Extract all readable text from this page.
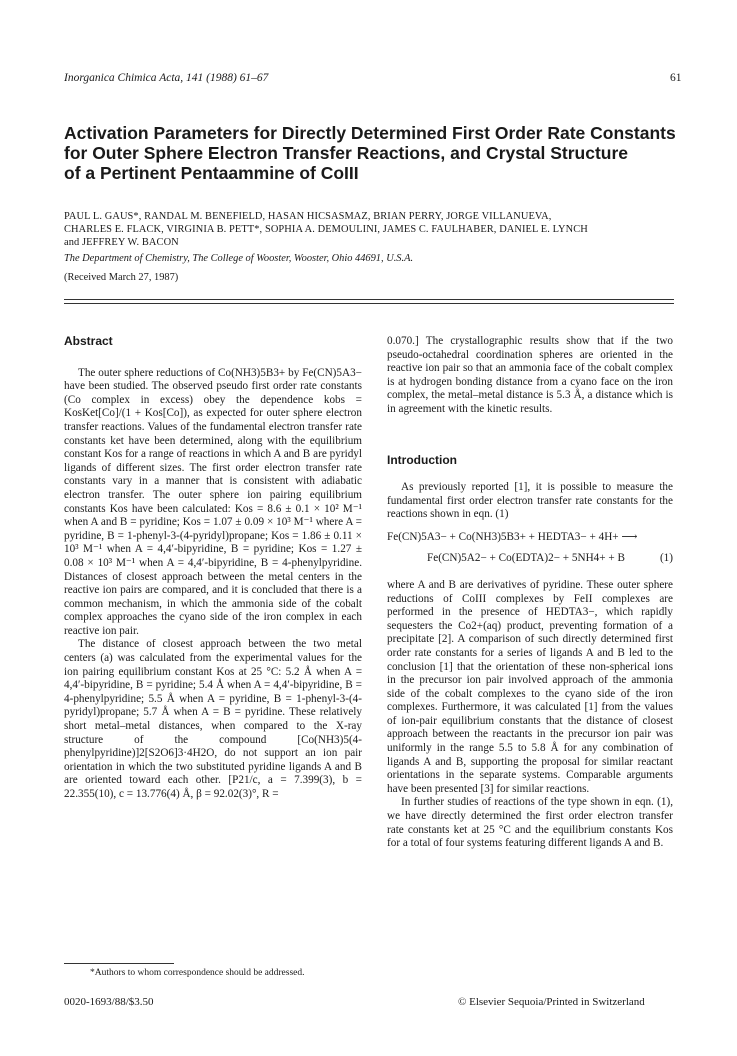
Inorganica Chimica Acta, 141 (1988) 61–67	61
Activation Parameters for Directly Determined First Order Rate Constants
for Outer Sphere Electron Transfer Reactions, and Crystal Structure
of a Pertinent Pentaammine of CoIII
PAUL L. GAUS*, RANDAL M. BENEFIELD, HASAN HICSASMAZ, BRIAN PERRY, JORGE VILLANUEVA,
CHARLES E. FLACK, VIRGINIA B. PETT*, SOPHIA A. DEMOULINI, JAMES C. FAULHABER, DANIEL E. LYNCH
and JEFFREY W. BACON
The Department of Chemistry, The College of Wooster, Wooster, Ohio 44691, U.S.A.
(Received March 27, 1987)
Abstract

The outer sphere reductions of Co(NH3)5B3+ by Fe(CN)5A3− have been studied. The observed pseudo first order rate constants (Co complex in excess) obey the dependence kobs = KosKet[Co]/(1 + Kos[Co]), as expected for outer sphere electron transfer reactions. Values of the fundamental electron transfer rate constants ket have been determined, along with the equilibrium constant Kos for a range of reactions in which A and B are pyridyl ligands of different sizes. The first order electron transfer rate constants vary in a manner that is consistent with adiabatic electron transfer. The outer sphere ion pairing equilibrium constants Kos have been calculated: Kos = 8.6 ± 0.1 × 10² M⁻¹ when A and B = pyridine; Kos = 1.07 ± 0.09 × 10³ M⁻¹ where A = pyridine, B = 1-phenyl-3-(4-pyridyl)propane; Kos = 1.86 ± 0.11 × 10³ M⁻¹ when A = 4,4′-bipyridine, B = pyridine; Kos = 1.27 ± 0.08 × 10³ M⁻¹ when A = 4,4′-bipyridine, B = 4-phenylpyridine. Distances of closest approach between the metal centers in the reactive ion pairs are compared, and it is concluded that there is a common mechanism, in which the ammonia side of the cobalt complex approaches the cyano side of the iron complex in each reactive ion pair.

The distance of closest approach between the two metal centers (a) was calculated from the experimental values for the ion pairing equilibrium constant Kos at 25 °C: 5.2 Å when A = 4,4′-bipyridine, B = pyridine; 5.4 Å when A = 4,4′-bipyridine, B = 4-phenylpyridine; 5.5 Å when A = pyridine, B = 1-phenyl-3-(4-pyridyl)propane; 5.7 Å when A = B = pyridine. These relatively short metal–metal distances, when compared to the X-ray structure of the compound [Co(NH3)5(4-phenylpyridine)]2[S2O6]3·4H2O, do not support an ion pair orientation in which the two substituted pyridine ligands A and B are oriented toward each other. [P21/c, a = 7.399(3), b = 22.355(10), c = 13.776(4) Å, β = 92.02(3)°, R =

0.070.] The crystallographic results show that if the two pseudo-octahedral coordination spheres are oriented in the reactive ion pair so that an ammonia face of the cobalt complex is at hydrogen bonding distance from a cyano face on the iron complex, the metal–metal distance is 5.3 Å, a distance which is in agreement with the kinetic results.

Introduction

As previously reported [1], it is possible to measure the fundamental first order electron transfer rate constants for the reactions shown in eqn. (1)

Fe(CN)5A3− + Co(NH3)5B3+ + HEDTA3− + 4H+ ⟶
Fe(CN)5A2− + Co(EDTA)2− + 5NH4+ + B	(1)

where A and B are derivatives of pyridine. These outer sphere reductions of CoIII complexes by FeII complexes are performed in the presence of HEDTA3−, which rapidly sequesters the Co2+(aq) product, preventing formation of a precipitate [2]. A comparison of such directly determined first order rate constants for a series of ligands A and B led to the conclusion [1] that the orientation of these non-spherical ions in the precursor ion pair involved approach of the ammonia side of the cobalt complexes to the cyano side of the iron complexes. Furthermore, it was calculated [1] from the values of ion-pair equilibrium constants that the distance of closest approach between the reactants in the precursor ion pair was uniformly in the range 5.5 to 5.8 Å for any combination of ligands A and B, supporting the proposal for similar reactant orientations in the separate systems. Comparable arguments have been presented [3] for similar reactions.

In further studies of reactions of the type shown in eqn. (1), we have directly determined the first order electron transfer rate constants ket at 25 °C and the equilibrium constants Kos for a total of four systems featuring different ligands A and B.

*Authors to whom correspondence should be addressed.
0020-1693/88/$3.50	© Elsevier Sequoia/Printed in Switzerland
